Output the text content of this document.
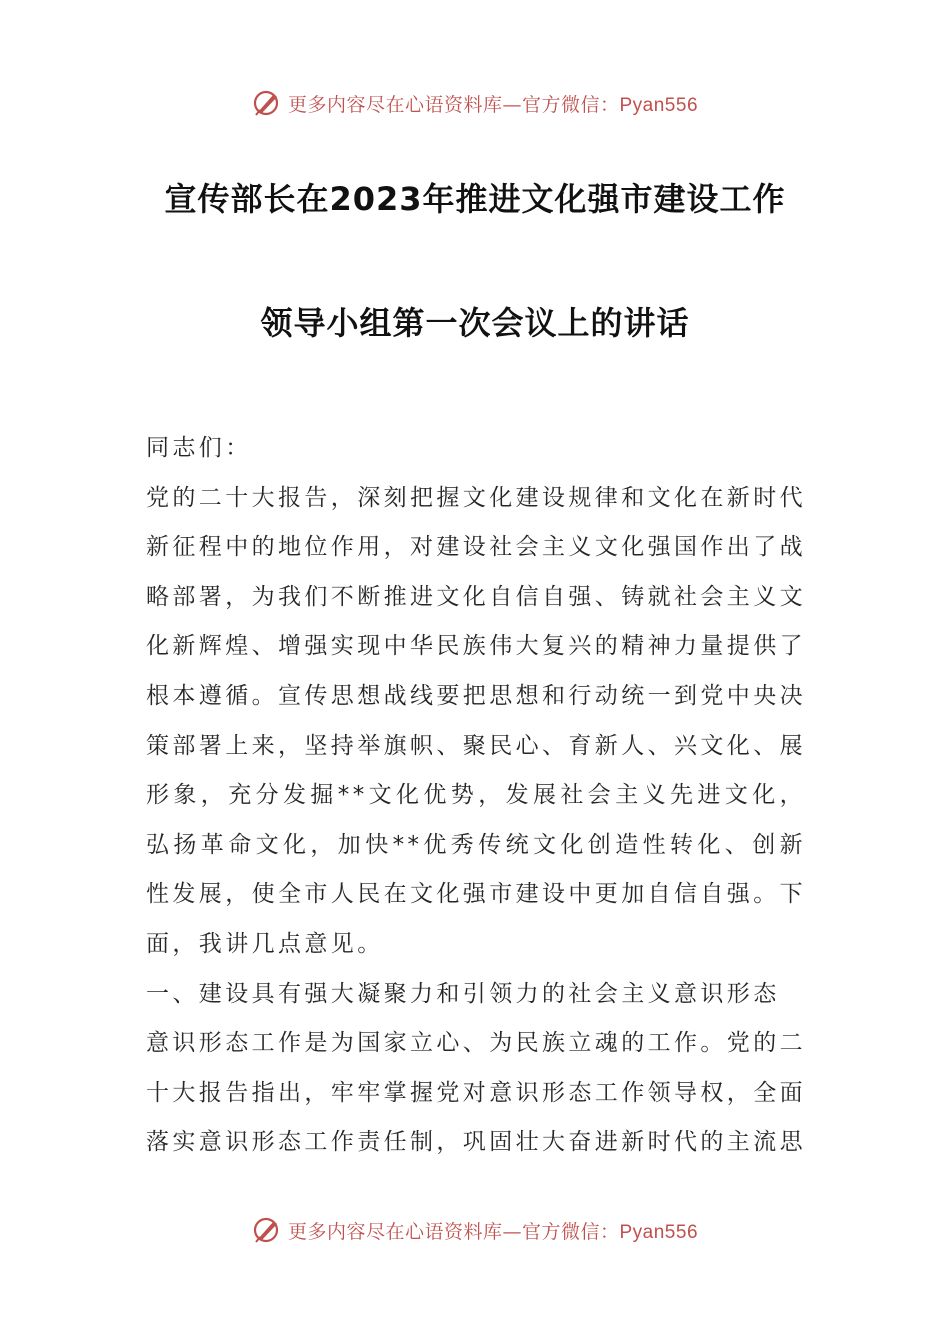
更多内容尽在心语资料库—官方微信：Pyan556
宣传部长在2023年推进文化强市建设工作
领导小组第一次会议上的讲话

同志们：

党的二十大报告，深刻把握文化建设规律和文化在新时代新征程中的地位作用，对建设社会主义文化强国作出了战略部署，为我们不断推进文化自信自强、铸就社会主义文化新辉煌、增强实现中华民族伟大复兴的精神力量提供了根本遵循。宣传思想战线要把思想和行动统一到党中央决策部署上来，坚持举旗帜、聚民心、育新人、兴文化、展形象，充分发掘**文化优势，发展社会主义先进文化，弘扬革命文化，加快**优秀传统文化创造性转化、创新性发展，使全市人民在文化强市建设中更加自信自强。下面，我讲几点意见。

一、建设具有强大凝聚力和引领力的社会主义意识形态

意识形态工作是为国家立心、为民族立魂的工作。党的二十大报告指出，牢牢掌握党对意识形态工作领导权，全面落实意识形态工作责任制，巩固壮大奋进新时代的主流思

更多内容尽在心语资料库—官方微信：Pyan556
